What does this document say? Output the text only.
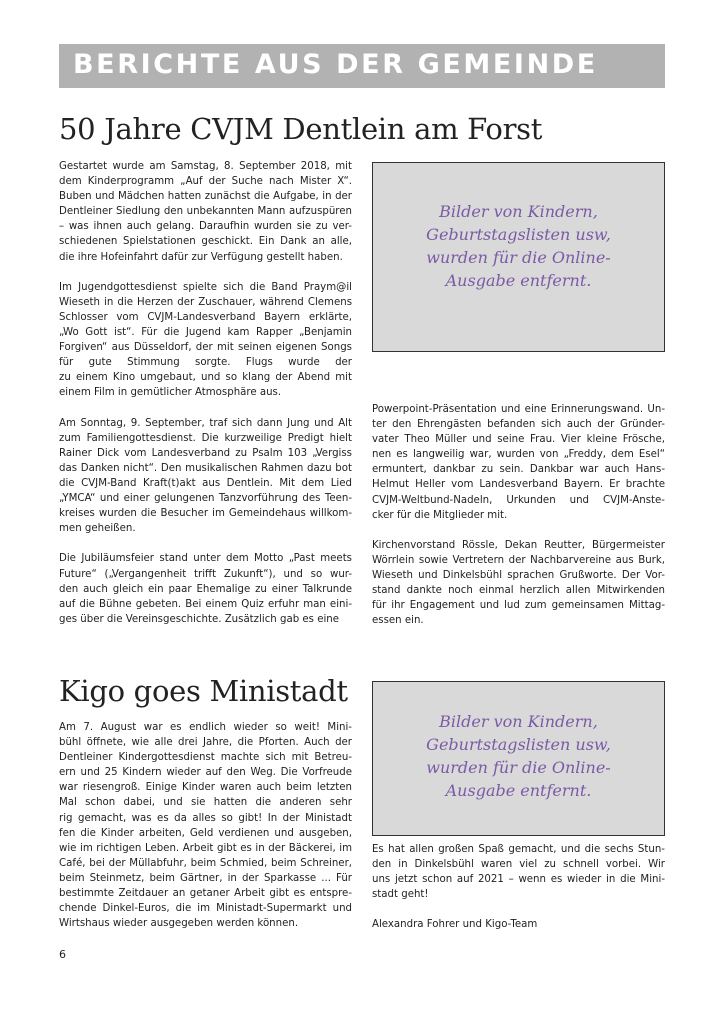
BERICHTE AUS DER GEMEINDE
50 Jahre CVJM Dentlein am Forst
Gestartet wurde am Samstag, 8. September 2018, mit
dem Kinderprogramm „Auf der Suche nach Mister X“.
Buben und Mädchen hatten zunächst die Aufgabe, in der
Dentleiner Siedlung den unbekannten Mann aufzuspüren
– was ihnen auch gelang. Daraufhin wurden sie zu ver-
schiedenen Spielstationen geschickt. Ein Dank an alle,
die ihre Hofeinfahrt dafür zur Verfügung gestellt haben.
Im Jugendgottesdienst spielte sich die Band Praym@il
Wieseth in die Herzen der Zuschauer, während Clemens
Schlosser vom CVJM-Landesverband Bayern erklärte,
„Wo Gott ist“. Für die Jugend kam Rapper „Benjamin
Forgiven“ aus Düsseldorf, der mit seinen eigenen Songs
für gute Stimmung sorgte. Flugs wurde der
zu einem Kino umgebaut, und so klang der Abend mit
einem Film in gemütlicher Atmosphäre aus.
Am Sonntag, 9. September, traf sich dann Jung und Alt
zum Familiengottesdienst. Die kurzweilige Predigt hielt
Rainer Dick vom Landesverband zu Psalm 103 „Vergiss
das Danken nicht“. Den musikalischen Rahmen dazu bot
die CVJM-Band Kraft(t)akt aus Dentlein. Mit dem Lied
„YMCA“ und einer gelungenen Tanzvorführung des Teen-
kreises wurden die Besucher im Gemeindehaus willkom-
men geheißen.
Die Jubiläumsfeier stand unter dem Motto „Past meets
Future“ („Vergangenheit trifft Zukunft“), und so wur-
den auch gleich ein paar Ehemalige zu einer Talkrunde
auf die Bühne gebeten. Bei einem Quiz erfuhr man eini-
ges über die Vereinsgeschichte. Zusätzlich gab es eine
Bilder von Kindern,
Geburtstagslisten usw,
wurden für die Online-
Ausgabe entfernt.
Powerpoint-Präsentation und eine Erinnerungswand. Un-
ter den Ehrengästen befanden sich auch der Gründer-
vater Theo Müller und seine Frau. Vier kleine Frösche,
nen es langweilig war, wurden von „Freddy, dem Esel“
ermuntert, dankbar zu sein. Dankbar war auch Hans-
Helmut Heller vom Landesverband Bayern. Er brachte
CVJM-Weltbund-Nadeln, Urkunden und CVJM-Anste-
cker für die Mitglieder mit.
Kirchenvorstand Rössle, Dekan Reutter, Bürgermeister
Wörrlein sowie Vertretern der Nachbarvereine aus Burk,
Wieseth und Dinkelsbühl sprachen Grußworte. Der Vor-
stand dankte noch einmal herzlich allen Mitwirkenden
für ihr Engagement und lud zum gemeinsamen Mittag-
essen ein.
Kigo goes Ministadt
Am 7. August war es endlich wieder so weit! Mini-
bühl öffnete, wie alle drei Jahre, die Pforten. Auch der
Dentleiner Kindergottesdienst machte sich mit Betreu-
ern und 25 Kindern wieder auf den Weg. Die Vorfreude
war riesengroß. Einige Kinder waren auch beim letzten
Mal schon dabei, und sie hatten die anderen sehr
rig gemacht, was es da alles so gibt! In der Ministadt
fen die Kinder arbeiten, Geld verdienen und ausgeben,
wie im richtigen Leben. Arbeit gibt es in der Bäckerei, im
Café, bei der Müllabfuhr, beim Schmied, beim Schreiner,
beim Steinmetz, beim Gärtner, in der Sparkasse ... Für
bestimmte Zeitdauer an getaner Arbeit gibt es entspre-
chende Dinkel-Euros, die im Ministadt-Supermarkt und
Wirtshaus wieder ausgegeben werden können.
Bilder von Kindern,
Geburtstagslisten usw,
wurden für die Online-
Ausgabe entfernt.
Es hat allen großen Spaß gemacht, und die sechs Stun-
den in Dinkelsbühl waren viel zu schnell vorbei. Wir
uns jetzt schon auf 2021 – wenn es wieder in die Mini-
stadt geht!
Alexandra Fohrer und Kigo-Team
6
